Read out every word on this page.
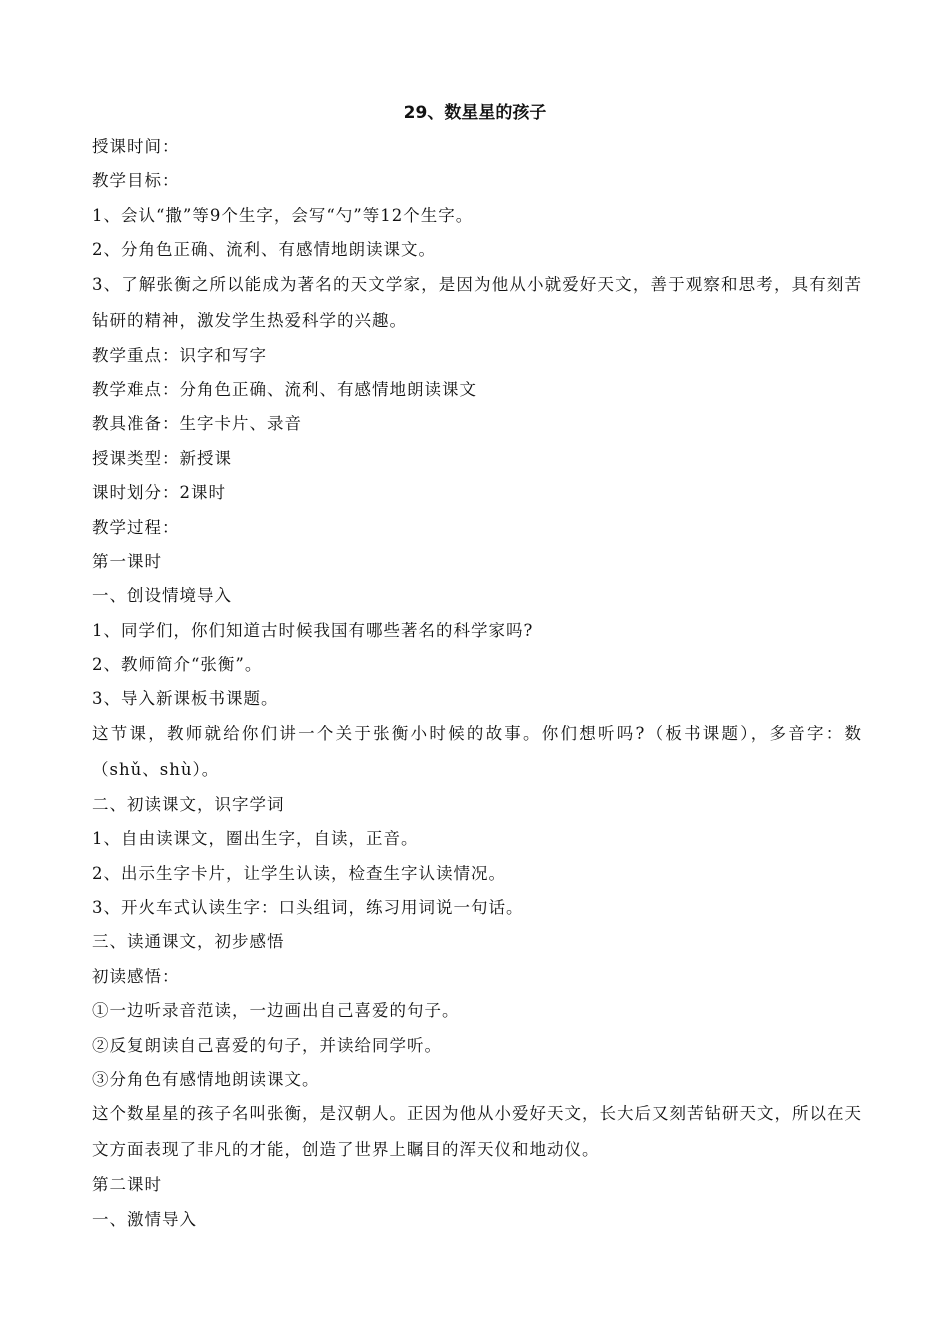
29、数星星的孩子
授课时间：
教学目标：
1、会认“撒”等9个生字，会写“勺”等12个生字。
2、分角色正确、流利、有感情地朗读课文。
3、了解张衡之所以能成为著名的天文学家，是因为他从小就爱好天文，善于观察和思考，具有刻苦钻研的精神，激发学生热爱科学的兴趣。
教学重点：识字和写字
教学难点：分角色正确、流利、有感情地朗读课文
教具准备：生字卡片、录音
授课类型：新授课
课时划分：2课时
教学过程：
第一课时
一、创设情境导入
1、同学们，你们知道古时候我国有哪些著名的科学家吗?
2、教师简介“张衡”。
3、导入新课板书课题。
这节课，教师就给你们讲一个关于张衡小时候的故事。你们想听吗?（板书课题），多音字：数（shǔ、shù）。
二、初读课文，识字学词
1、自由读课文，圈出生字，自读，正音。
2、出示生字卡片，让学生认读，检查生字认读情况。
3、开火车式认读生字：口头组词，练习用词说一句话。
三、读通课文，初步感悟
初读感悟：
①一边听录音范读，一边画出自己喜爱的句子。
②反复朗读自己喜爱的句子，并读给同学听。
③分角色有感情地朗读课文。
这个数星星的孩子名叫张衡，是汉朝人。正因为他从小爱好天文，长大后又刻苦钻研天文，所以在天文方面表现了非凡的才能，创造了世界上瞩目的浑天仪和地动仪。
第二课时
一、激情导入
